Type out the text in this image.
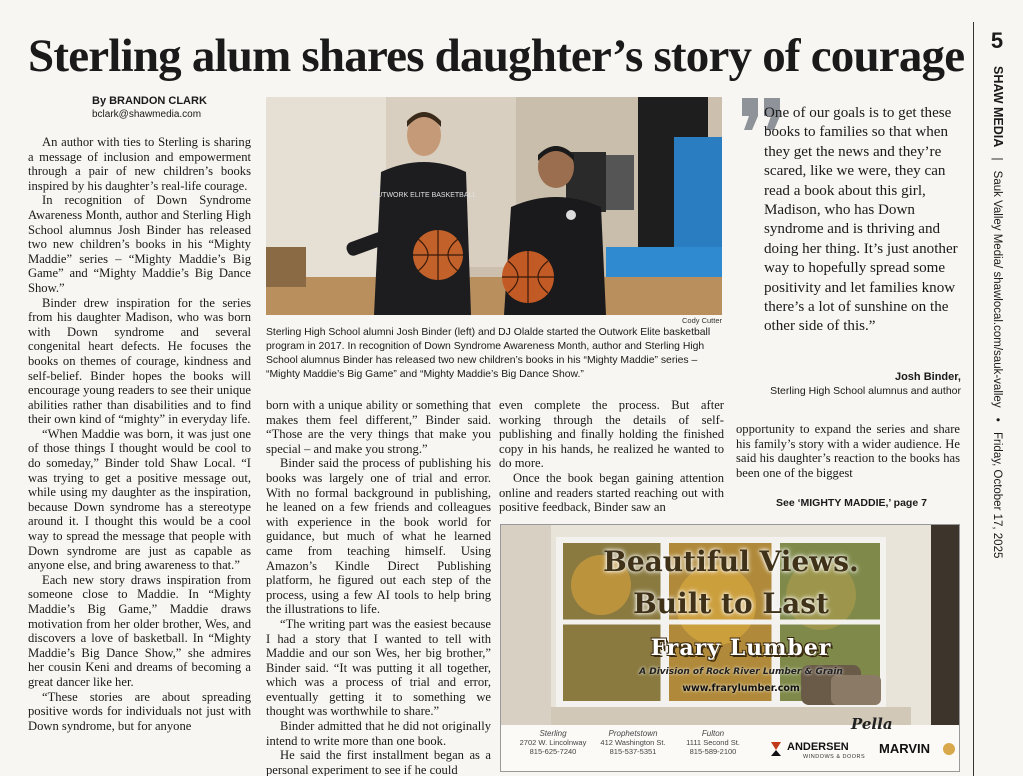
Sterling alum shares daughter’s story of courage
By BRANDON CLARK
bclark@shawmedia.com
5
SHAW MEDIA | Sauk Valley Media/ shawlocal.com/sauk-valley • Friday, October 17, 2025
OUTWORK ELITE BASKETBALL
Cody Cutter
Sterling High School alumni Josh Binder (left) and DJ Olalde started the Outwork Elite basketball program in 2017. In recognition of Down Syndrome Awareness Month, author and Sterling High School alumnus Binder has released two new children’s books in his “Mighty Maddie” series – “Mighty Maddie’s Big Game” and “Mighty Maddie’s Big Dance Show.”
One of our goals is to get these books to families so that when they get the news and they’re scared, like we were, they can read a book about this girl, Madison, who has Down syndrome and is thriving and doing her thing. It’s just another way to hopefully spread some positivity and let families know there’s a lot of sunshine on the other side of this.”
Josh Binder,
Sterling High School alumnus and author

An author with ties to Sterling is sharing a message of inclusion and empowerment through a pair of new children’s books inspired by his daughter’s real-life courage.

In recognition of Down Syndrome Awareness Month, author and Sterling High School alumnus Josh Binder has released two new children’s books in his “Mighty Maddie” series – “Mighty Maddie’s Big Game” and “Mighty Maddie’s Big Dance Show.”

Binder drew inspiration for the series from his daughter Madison, who was born with Down syndrome and several congenital heart defects. He focuses the books on themes of courage, kindness and self-belief. Binder hopes the books will encourage young readers to see their unique abilities rather than disabilities and to find their own kind of “mighty” in everyday life.

“When Maddie was born, it was just one of those things I thought would be cool to do someday,” Binder told Shaw Local. “I was trying to get a positive message out, while using my daughter as the inspiration, because Down syndrome has a stereotype around it. I thought this would be a cool way to spread the message that people with Down syndrome are just as capable as anyone else, and bring awareness to that.”

Each new story draws inspiration from someone close to Maddie. In “Mighty Maddie’s Big Game,” Maddie draws motivation from her older brother, Wes, and discovers a love of basketball. In “Mighty Maddie’s Big Dance Show,” she admires her cousin Keni and dreams of becoming a great dancer like her.

“These stories are about spreading positive words for individuals not just with Down syndrome, but for anyone

born with a unique ability or something that makes them feel different,” Binder said. “Those are the very things that make you special – and make you strong.”

Binder said the process of publishing his books was largely one of trial and error. With no formal background in publishing, he leaned on a few friends and colleagues with experience in the book world for guidance, but much of what he learned came from teaching himself. Using Amazon’s Kindle Direct Publishing platform, he figured out each step of the process, using a few AI tools to help bring the illustrations to life.

“The writing part was the easiest because I had a story that I wanted to tell with Maddie and our son Wes, her big brother,” Binder said. “It was putting it all together, which was a process of trial and error, eventually getting it to something we thought was worthwhile to share.”

Binder admitted that he did not originally intend to write more than one book.

He said the first installment began as a personal experiment to see if he could

even complete the process. But after working through the details of self-publishing and finally holding the finished copy in his hands, he realized he wanted to do more.

Once the book began gaining attention online and readers started reaching out with positive feedback, Binder saw an

opportunity to expand the series and share his family’s story with a wider audience. He said his daughter’s reaction to the books has been one of the biggest

See ‘MIGHTY MADDIE,’ page 7
Beautiful Views.
Built to Last
Frary Lumber
A Division of Rock River Lumber & Grain
www.frarylumber.com
Sterling
2702 W. Lincolnway
815-625-7240
Prophetstown
412 Washington St.
815-537-5351
Fulton
1111 Second St.
815-589-2100
Pella
ANDERSEN
WINDOWS & DOORS
MARVIN
